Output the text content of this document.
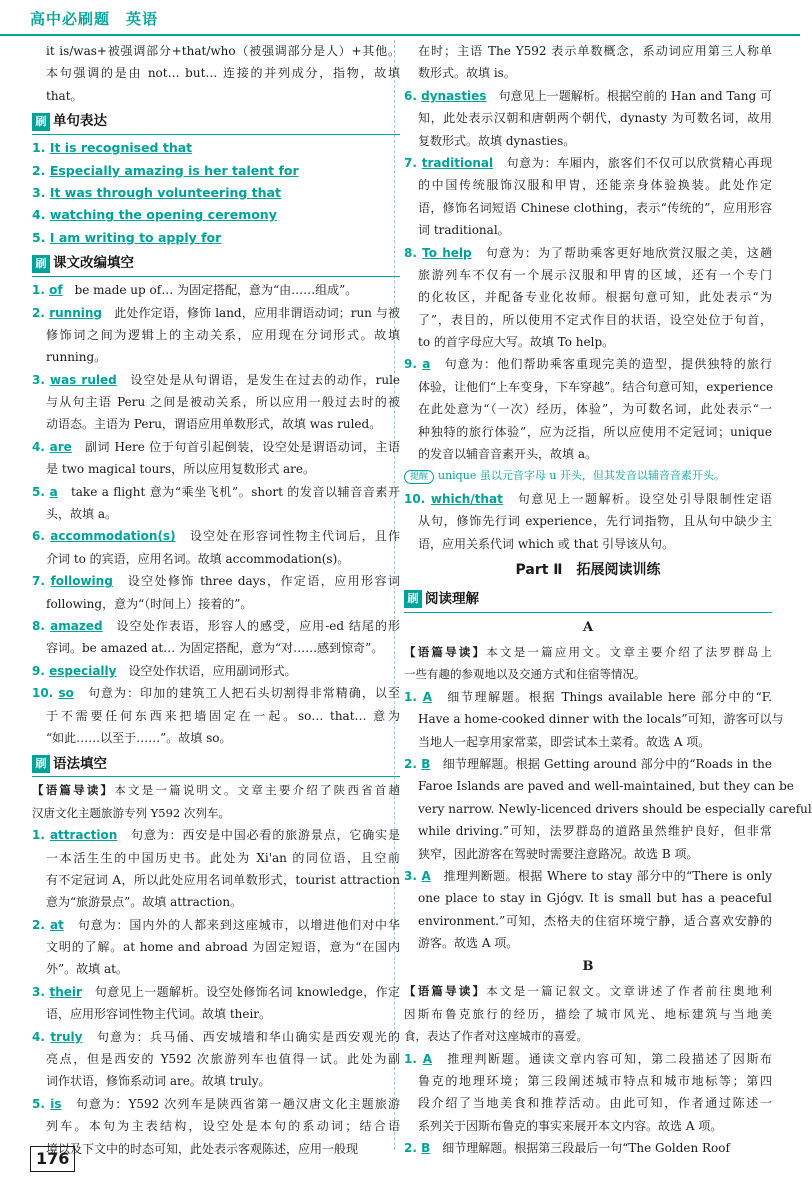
高中必刷题　英语
it is/was+被强调部分+that/who（被强调部分是人）+其他。
本句强调的是由 not… but… 连接的并列成分，指物，故填
that。
刷 单句表达
1. It is recognised that
2. Especially amazing is her talent for
3. It was through volunteering that
4. watching the opening ceremony
5. I am writing to apply for
刷 课文改编填空
1. of　 be made up of… 为固定搭配，意为“由……组成”。
2. running　 此处作定语，修饰 land，应用非谓语动词；run 与被
修饰词之间为逻辑上的主动关系，应用现在分词形式。故填
running。
3. was ruled　 设空处是从句谓语，是发生在过去的动作，rule
与从句主语 Peru 之间是被动关系，所以应用一般过去时的被
动语态。主语为 Peru，谓语应用单数形式，故填 was ruled。
4. are　 副词 Here 位于句首引起倒装，设空处是谓语动词，主语
是 two magical tours，所以应用复数形式 are。
5. a　 take a flight 意为“乘坐飞机”。short 的发音以辅音音素开
头，故填 a。
6. accommodation(s)　 设空处在形容词性物主代词后，且作
介词 to 的宾语，应用名词。故填 accommodation(s)。
7. following　 设空处修饰 three days，作定语，应用形容词
following，意为“（时间上）接着的”。
8. amazed　 设空处作表语，形容人的感受，应用-ed 结尾的形
容词。be amazed at… 为固定搭配，意为“对……感到惊奇”。
9. especially　 设空处作状语，应用副词形式。
10. so　 句意为：印加的建筑工人把石头切割得非常精确，以至
于不需要任何东西来把墙固定在一起。so… that… 意为
“如此……以至于……”。故填 so。
刷 语法填空
【语篇导读】本文是一篇说明文。文章主要介绍了陕西省首趟
汉唐文化主题旅游专列 Y592 次列车。
1. attraction　 句意为：西安是中国必看的旅游景点，它确实是
一本活生生的中国历史书。此处为 Xi'an 的同位语，且空前
有不定冠词 A，所以此处应用名词单数形式，tourist attraction
意为“旅游景点”。故填 attraction。
2. at　 句意为：国内外的人都来到这座城市，以增进他们对中华
文明的了解。at home and abroad 为固定短语，意为“在国内
外”。故填 at。
3. their　 句意见上一题解析。设空处修饰名词 knowledge，作定
语，应用形容词性物主代词。故填 their。
4. truly　 句意为：兵马俑、西安城墙和华山确实是西安观光的
亮点，但是西安的 Y592 次旅游列车也值得一试。此处为副
词作状语，修饰系动词 are。故填 truly。
5. is　 句意为：Y592 次列车是陕西省第一趟汉唐文化主题旅游
列车。本句为主表结构，设空处是本句的系动词；结合语
境以及下文中的时态可知，此处表示客观陈述，应用一般现
在时；主语 The Y592 表示单数概念，系动词应用第三人称单
数形式。故填 is。
6. dynasties　 句意见上一题解析。根据空前的 Han and Tang 可
知，此处表示汉朝和唐朝两个朝代，dynasty 为可数名词，故用
复数形式。故填 dynasties。
7. traditional　 句意为：车厢内，旅客们不仅可以欣赏精心再现
的中国传统服饰汉服和甲胄，还能亲身体验换装。此处作定
语，修饰名词短语 Chinese clothing，表示“传统的”，应用形容
词 traditional。
8. To help　 句意为：为了帮助乘客更好地欣赏汉服之美，这趟
旅游列车不仅有一个展示汉服和甲胄的区域，还有一个专门
的化妆区，并配备专业化妆师。根据句意可知，此处表示“为
了”，表目的，所以使用不定式作目的状语，设空处位于句首，
to 的首字母应大写。故填 To help。
9. a　 句意为：他们帮助乘客重现完美的造型，提供独特的旅行
体验，让他们“上车变身，下车穿越”。结合句意可知，experience
在此处意为“（一次）经历，体验”，为可数名词，此处表示“一
种独特的旅行体验”，应为泛指，所以应使用不定冠词；unique
的发音以辅音音素开头，故填 a。
提醒 unique 虽以元音字母 u 开头，但其发音以辅音音素开头。
10. which/that　 句意见上一题解析。设空处引导限制性定语
从句，修饰先行词 experience，先行词指物，且从句中缺少主
语，应用关系代词 which 或 that 引导该从句。
Part Ⅱ　拓展阅读训练
刷 阅读理解
A
【语篇导读】本文是一篇应用文。文章主要介绍了法罗群岛上
一些有趣的参观地以及交通方式和住宿等情况。
1. A　 细节理解题。根据 Things available here 部分中的“F.
Have a home-cooked dinner with the locals”可知，游客可以与
当地人一起享用家常菜，即尝试本土菜肴。故选 A 项。
2. B　 细节理解题。根据 Getting around 部分中的“Roads in the
Faroe Islands are paved and well-maintained, but they can be
very narrow. Newly-licenced drivers should be especially careful
while driving.”可知，法罗群岛的道路虽然维护良好，但非常
狭窄，因此游客在驾驶时需要注意路况。故选 B 项。
3. A　 推理判断题。根据 Where to stay 部分中的“There is only
one place to stay in Gjógv. It is small but has a peaceful
environment.”可知，杰格夫的住宿环境宁静，适合喜欢安静的
游客。故选 A 项。
B
【语篇导读】本文是一篇记叙文。文章讲述了作者前往奥地利
因斯布鲁克旅行的经历，描绘了城市风光、地标建筑与当地美
食，表达了作者对这座城市的喜爱。
1. A　 推理判断题。通读文章内容可知，第二段描述了因斯布
鲁克的地理环境；第三段阐述城市特点和城市地标等；第四
段介绍了当地美食和推荐活动。由此可知，作者通过陈述一
系列关于因斯布鲁克的事实来展开本文内容。故选 A 项。
2. B　 细节理解题。根据第三段最后一句“The Golden Roof
176
